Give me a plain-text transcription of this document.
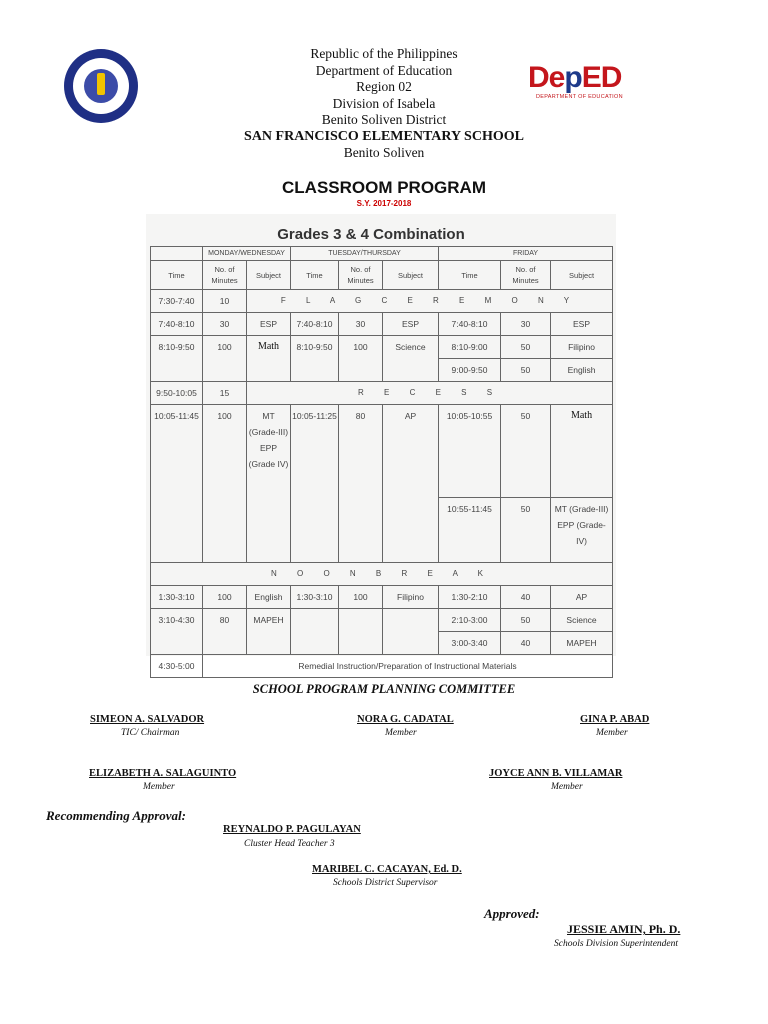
Republic of the Philippines
Department of Education
Region 02
Division of Isabela
Benito Soliven District
SAN FRANCISCO ELEMENTARY SCHOOL
Benito Soliven
DepED
DEPARTMENT OF EDUCATION
CLASSROOM PROGRAM
S.Y. 2017-2018
Grades 3 & 4 Combination
	MONDAY/WEDNESDAY		TUESDAY/THURSDAY			FRIDAY		
Time	No. of Minutes	Subject	Time	No. of Minutes	Subject	Time	No. of Minutes	Subject
7:30-7:40	10	F L A G C E R E M O N Y						
7:40-8:10	30	ESP	7:40-8:10	30	ESP	7:40-8:10	30	ESP
8:10-9:50	100	Math	8:10-9:50	100	Science	8:10-9:00	50	Filipino
						9:00-9:50	50	English
9:50-10:05	15	R E C E S S						
10:05-11:45	100	MT (Grade-III) EPP (Grade IV)	10:05-11:25	80	AP	10:05-10:55	50	Math
						10:55-11:45	50	MT (Grade-III) EPP (Grade-IV)
N O O N B R E A K								
1:30-3:10	100	English	1:30-3:10	100	Filipino	1:30-2:10	40	AP
3:10-4:30	80	MAPEH				2:10-3:00	50	Science
						3:00-3:40	40	MAPEH
4:30-5:00	Remedial Instruction/Preparation of Instructional Materials							
SCHOOL PROGRAM PLANNING COMMITTEE
SIMEON A. SALVADOR
TIC/ Chairman
NORA G. CADATAL
Member
GINA P. ABAD
Member
ELIZABETH A. SALAGUINTO
Member
JOYCE ANN B. VILLAMAR
Member
Recommending Approval:
REYNALDO P. PAGULAYAN
Cluster Head Teacher 3
MARIBEL C. CACAYAN, Ed. D.
Schools District Supervisor
Approved:
JESSIE AMIN, Ph. D.
Schools Division Superintendent
